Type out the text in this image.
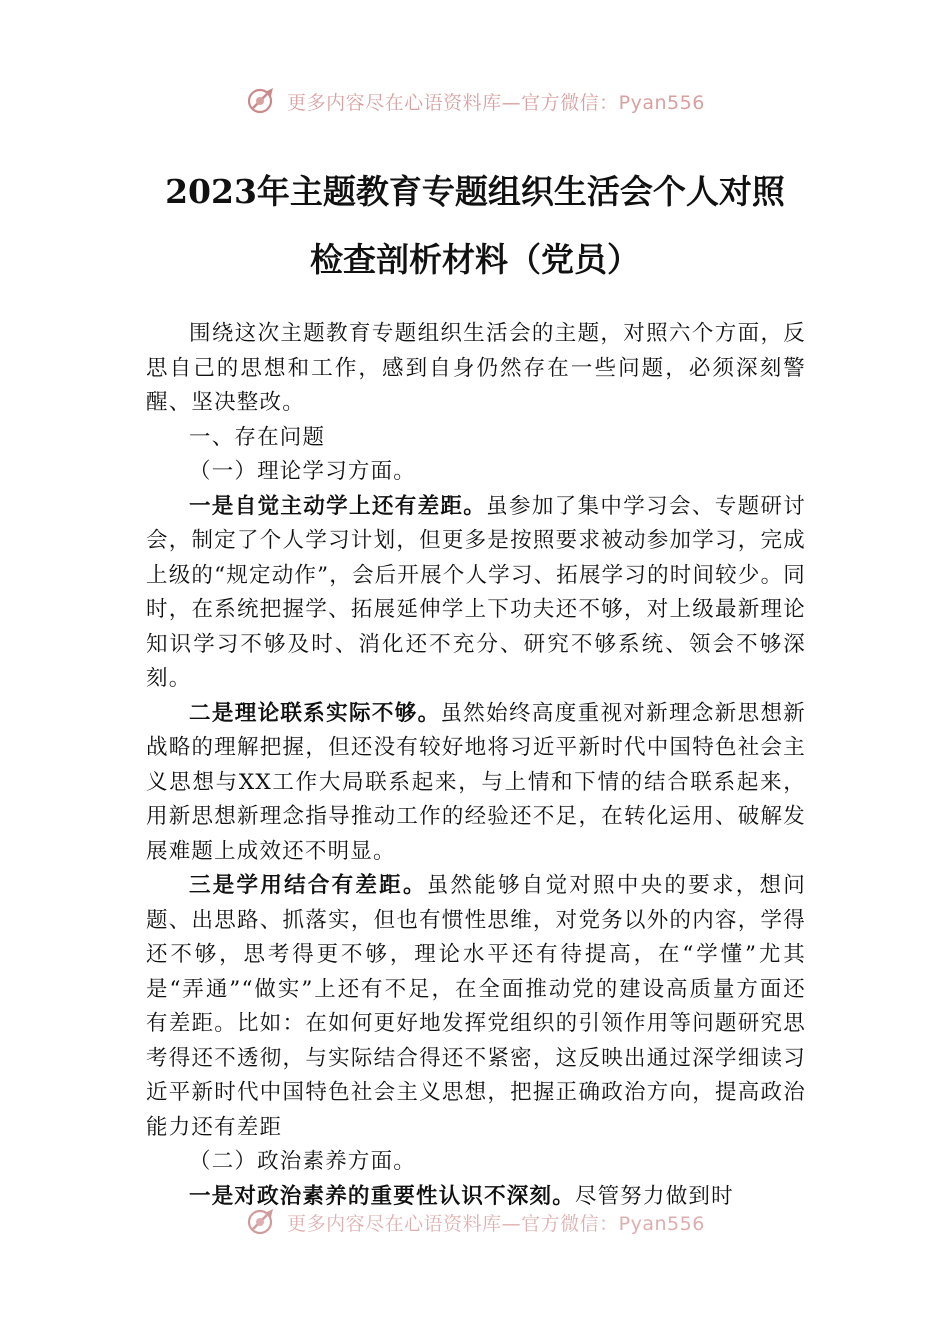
更多内容尽在心语资料库—官方微信：Pyan556
2023年主题教育专题组织生活会个人对照
检查剖析材料（党员）

围绕这次主题教育专题组织生活会的主题，对照六个方面，反思自己的思想和工作，感到自身仍然存在一些问题，必须深刻警醒、坚决整改。

一、存在问题

（一）理论学习方面。

一是自觉主动学上还有差距。虽参加了集中学习会、专题研讨会，制定了个人学习计划，但更多是按照要求被动参加学习，完成上级的“规定动作”，会后开展个人学习、拓展学习的时间较少。同时，在系统把握学、拓展延伸学上下功夫还不够，对上级最新理论知识学习不够及时、消化还不充分、研究不够系统、领会不够深刻。

二是理论联系实际不够。虽然始终高度重视对新理念新思想新战略的理解把握，但还没有较好地将习近平新时代中国特色社会主义思想与XX工作大局联系起来，与上情和下情的结合联系起来，用新思想新理念指导推动工作的经验还不足，在转化运用、破解发展难题上成效还不明显。

三是学用结合有差距。虽然能够自觉对照中央的要求，想问题、出思路、抓落实，但也有惯性思维，对党务以外的内容，学得还不够，思考得更不够，理论水平还有待提高，在“学懂”尤其是“弄通”“做实”上还有不足，在全面推动党的建设高质量方面还有差距。比如：在如何更好地发挥党组织的引领作用等问题研究思考得还不透彻，与实际结合得还不紧密，这反映出通过深学细读习近平新时代中国特色社会主义思想，把握正确政治方向，提高政治能力还有差距

（二）政治素养方面。

一是对政治素养的重要性认识不深刻。尽管努力做到时

更多内容尽在心语资料库—官方微信：Pyan556
